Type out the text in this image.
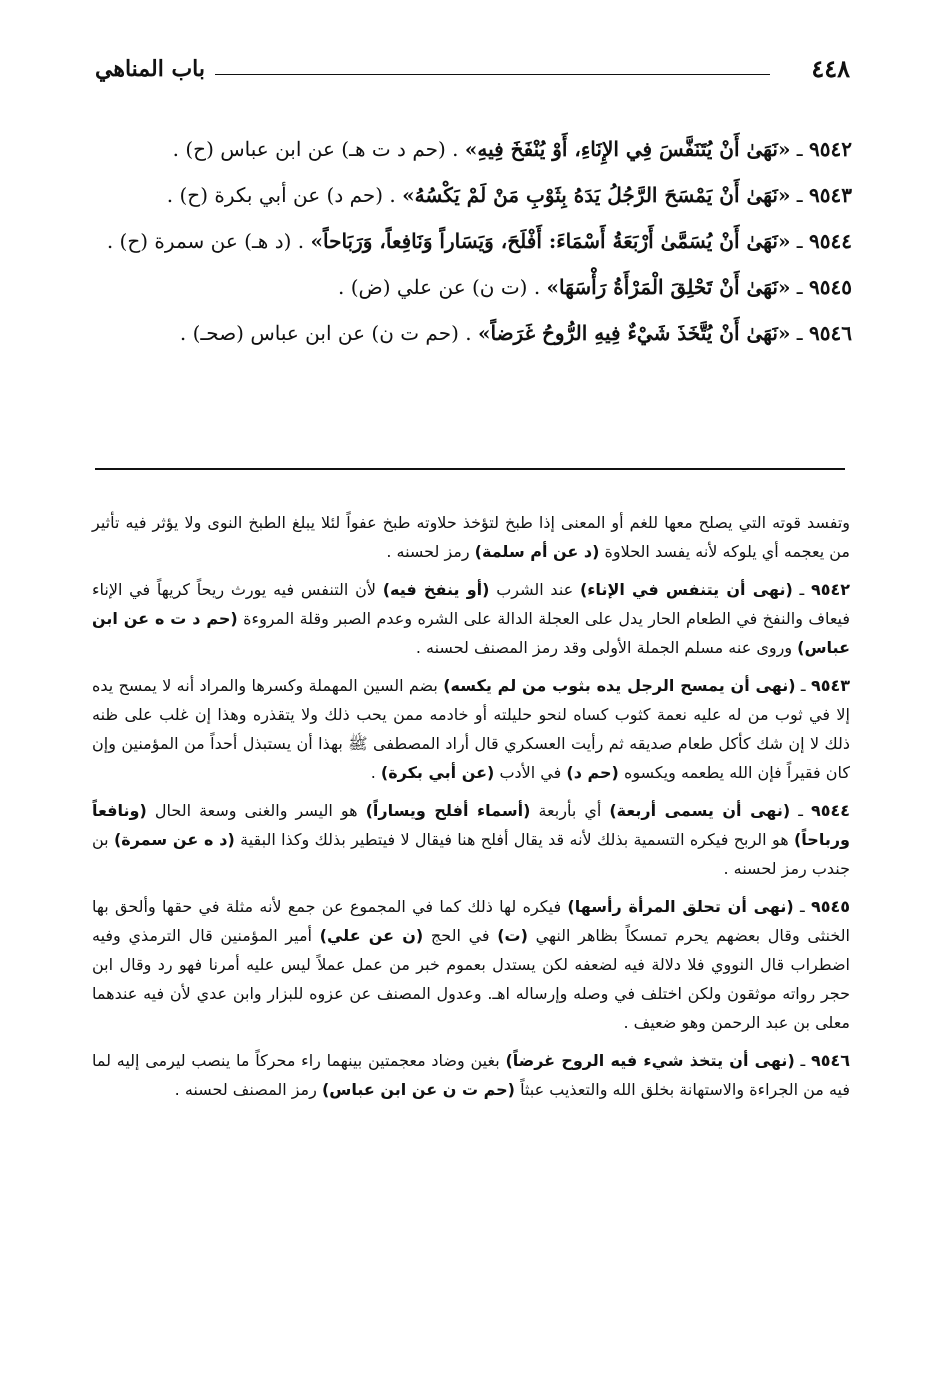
٤٤٨
باب المناهي

٩٥٤٢ ـ «نَهَىٰ أَنْ يُتَنَفَّسَ فِي الإِنَاءِ، أَوْ يُنْفَخَ فِيهِ» . (حم د ت هـ) عن ابن عباس (ح) .

٩٥٤٣ ـ «نَهَىٰ أَنْ يَمْسَحَ الرَّجُلُ يَدَهُ بِثَوْبِ مَنْ لَمْ يَكْسُهُ» . (حم د) عن أبي بكرة (ح) .

٩٥٤٤ ـ «نَهَىٰ أَنْ يُسَمَّىٰ أَرْبَعَةُ أَسْمَاءَ: أَفْلَحَ، وَيَسَاراً وَنَافِعاً، وَرَبَاحاً» . (د هـ) عن سمرة (ح) .

٩٥٤٥ ـ «نَهَىٰ أَنْ تَحْلِقَ الْمَرْأَةُ رَأْسَهَا» . (ت ن) عن علي (ض) .

٩٥٤٦ ـ «نَهَىٰ أَنْ يُتَّخَذَ شَيْءٌ فِيهِ الرُّوحُ غَرَضاً» . (حم ت ن) عن ابن عباس (صحـ) .

وتفسد قوته التي يصلح معها للغم أو المعنى إذا طبخ لتؤخذ حلاوته طبخ عفواً لئلا يبلغ الطبخ النوى ولا يؤثر فيه تأثير من يعجمه أي يلوكه لأنه يفسد الحلاوة (د عن أم سلمة) رمز لحسنه .

٩٥٤٢ ـ (نهى أن يتنفس في الإناء) عند الشرب (أو ينفخ فيه) لأن التنفس فيه يورث ريحاً كريهاً في الإناء فيعاف والنفخ في الطعام الحار يدل على العجلة الدالة على الشره وعدم الصبر وقلة المروءة (حم د ت ه عن ابن عباس) وروى عنه مسلم الجملة الأولى وقد رمز المصنف لحسنه .

٩٥٤٣ ـ (نهى أن يمسح الرجل يده بثوب من لم يكسه) بضم السين المهملة وكسرها والمراد أنه لا يمسح يده إلا في ثوب من له عليه نعمة كثوب كساه لنحو حليلته أو خادمه ممن يحب ذلك ولا يتقذره وهذا إن غلب على ظنه ذلك لا إن شك كأكل طعام صديقه ثم رأيت العسكري قال أراد المصطفى ﷺ بهذا أن يستبذل أحداً من المؤمنين وإن كان فقيراً فإن الله يطعمه ويكسوه (حم د) في الأدب (عن أبي بكرة) .

٩٥٤٤ ـ (نهى أن يسمى أربعة) أي بأربعة (أسماء أفلح ويساراً) هو اليسر والغنى وسعة الحال (ونافعاً ورباحاً) هو الربح فيكره التسمية بذلك لأنه قد يقال أفلح هنا فيقال لا فيتطير بذلك وكذا البقية (د ه عن سمرة) بن جندب رمز لحسنه .

٩٥٤٥ ـ (نهى أن تحلق المرأة رأسها) فيكره لها ذلك كما في المجموع عن جمع لأنه مثلة في حقها وألحق بها الخنثى وقال بعضهم يحرم تمسكاً بظاهر النهي (ت) في الحج (ن عن علي) أمير المؤمنين قال الترمذي وفيه اضطراب قال النووي فلا دلالة فيه لضعفه لكن يستدل بعموم خبر من عمل عملاً ليس عليه أمرنا فهو رد وقال ابن حجر رواته موثقون ولكن اختلف في وصله وإرساله اهـ. وعدول المصنف عن عزوه للبزار وابن عدي لأن فيه عندهما معلى بن عبد الرحمن وهو ضعيف .

٩٥٤٦ ـ (نهى أن يتخذ شيء فيه الروح غرضاً) بغين وضاد معجمتين بينهما راء محركاً ما ينصب ليرمى إليه لما فيه من الجراءة والاستهانة بخلق الله والتعذيب عبثاً (حم ت ن عن ابن عباس) رمز المصنف لحسنه .
